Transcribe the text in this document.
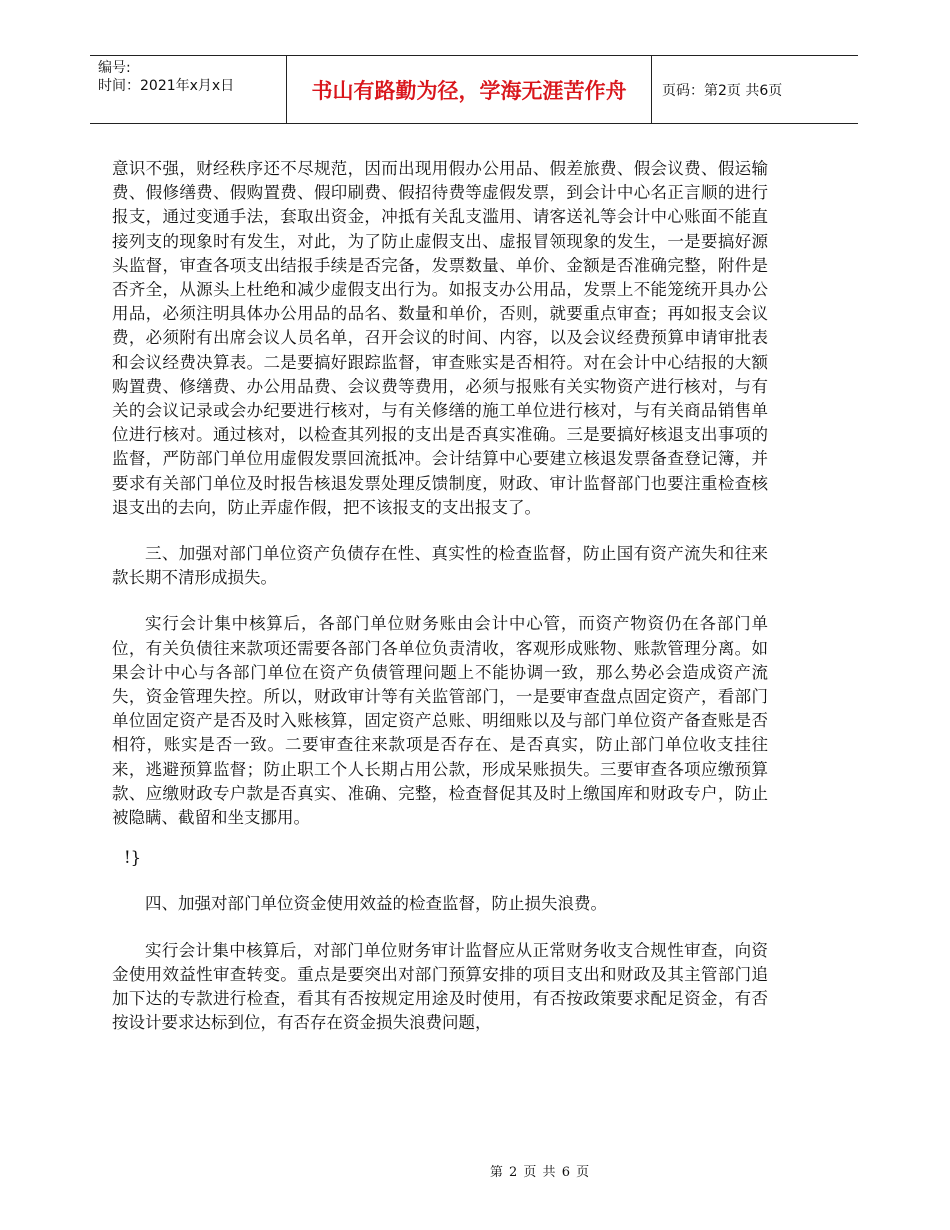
编号:
时间：2021年x月x日	书山有路勤为径，学海无涯苦作舟	页码：第2页 共6页

意识不强，财经秩序还不尽规范，因而出现用假办公用品、假差旅费、假会议费、假运输费、假修缮费、假购置费、假印刷费、假招待费等虚假发票，到会计中心名正言顺的进行报支，通过变通手法，套取出资金，冲抵有关乱支滥用、请客送礼等会计中心账面不能直接列支的现象时有发生，对此，为了防止虚假支出、虚报冒领现象的发生，一是要搞好源头监督，审查各项支出结报手续是否完备，发票数量、单价、金额是否准确完整，附件是否齐全，从源头上杜绝和减少虚假支出行为。如报支办公用品，发票上不能笼统开具办公用品，必须注明具体办公用品的品名、数量和单价，否则，就要重点审查；再如报支会议费，必须附有出席会议人员名单，召开会议的时间、内容，以及会议经费预算申请审批表和会议经费决算表。二是要搞好跟踪监督，审查账实是否相符。对在会计中心结报的大额购置费、修缮费、办公用品费、会议费等费用，必须与报账有关实物资产进行核对，与有关的会议记录或会办纪要进行核对，与有关修缮的施工单位进行核对，与有关商品销售单位进行核对。通过核对，以检查其列报的支出是否真实准确。三是要搞好核退支出事项的监督，严防部门单位用虚假发票回流抵冲。会计结算中心要建立核退发票备查登记簿，并要求有关部门单位及时报告核退发票处理反馈制度，财政、审计监督部门也要注重检查核退支出的去向，防止弄虚作假，把不该报支的支出报支了。

三、加强对部门单位资产负债存在性、真实性的检查监督，防止国有资产流失和往来款长期不清形成损失。

实行会计集中核算后，各部门单位财务账由会计中心管，而资产物资仍在各部门单位，有关负债往来款项还需要各部门各单位负责清收，客观形成账物、账款管理分离。如果会计中心与各部门单位在资产负债管理问题上不能协调一致，那么势必会造成资产流失，资金管理失控。所以，财政审计等有关监管部门，一是要审查盘点固定资产，看部门单位固定资产是否及时入账核算，固定资产总账、明细账以及与部门单位资产备查账是否相符，账实是否一致。二要审查往来款项是否存在、是否真实，防止部门单位收支挂往来，逃避预算监督；防止职工个人长期占用公款，形成呆账损失。三要审查各项应缴预算款、应缴财政专户款是否真实、准确、完整，检查督促其及时上缴国库和财政专户，防止被隐瞒、截留和坐支挪用。

!}

四、加强对部门单位资金使用效益的检查监督，防止损失浪费。

实行会计集中核算后，对部门单位财务审计监督应从正常财务收支合规性审查，向资金使用效益性审查转变。重点是要突出对部门预算安排的项目支出和财政及其主管部门追加下达的专款进行检查，看其有否按规定用途及时使用，有否按政策要求配足资金，有否按设计要求达标到位，有否存在资金损失浪费问题，

第 2 页 共 6 页
